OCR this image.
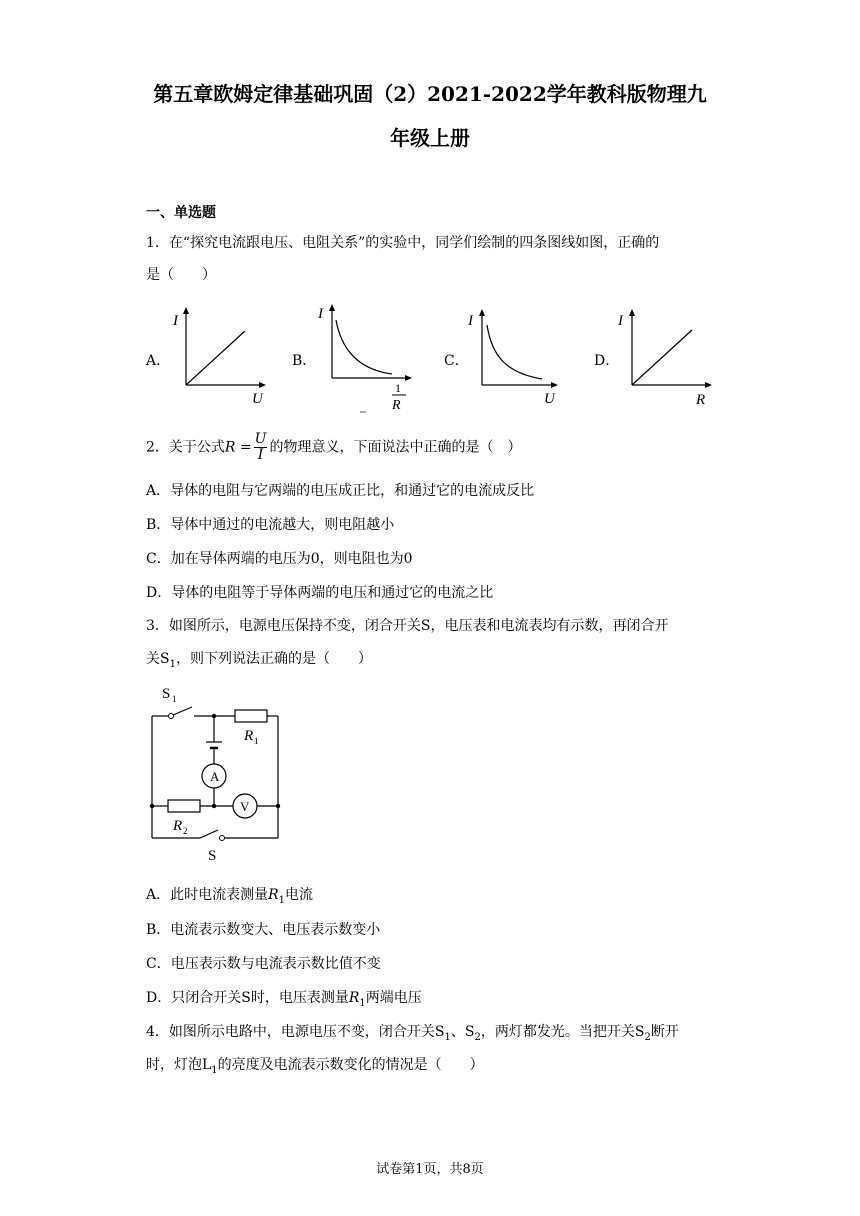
第五章欧姆定律基础巩固（2）2021-2022学年教科版物理九
年级上册
一、单选题
1．在“探究电流跟电压、电阻关系”的实验中，同学们绘制的四条图线如图，正确的
是（　　）
A．	B．	C．	D．
I
U
I
1
R
I
U
I
R
2．关于公式$R = \frac{U}{I}$ 的物理意义，下面说法中正确的是（　）
A．导体的电阻与它两端的电压成正比，和通过它的电流成反比
B．导体中通过的电流越大，则电阻越小
C．加在导体两端的电压为0，则电阻也为0
D．导体的电阻等于导体两端的电压和通过它的电流之比
3．如图所示，电源电压保持不变，闭合开关S，电压表和电流表均有示数，再闭合开
关$S_1$，则下列说法正确的是（　　）
S 1
R 1
A
V
R 2
S
A．此时电流表测量$R_1$电流
B．电流表示数变大、电压表示数变小
C．电压表示数与电流表示数比值不变
D．只闭合开关S时，电压表测量$R_1$两端电压
4．如图所示电路中，电源电压不变，闭合开关$S_1$、$S_2$，两灯都发光。当把开关$S_2$断开
时，灯泡$L_1$的亮度及电流表示数变化的情况是（　　）
试卷第1页，共8页
